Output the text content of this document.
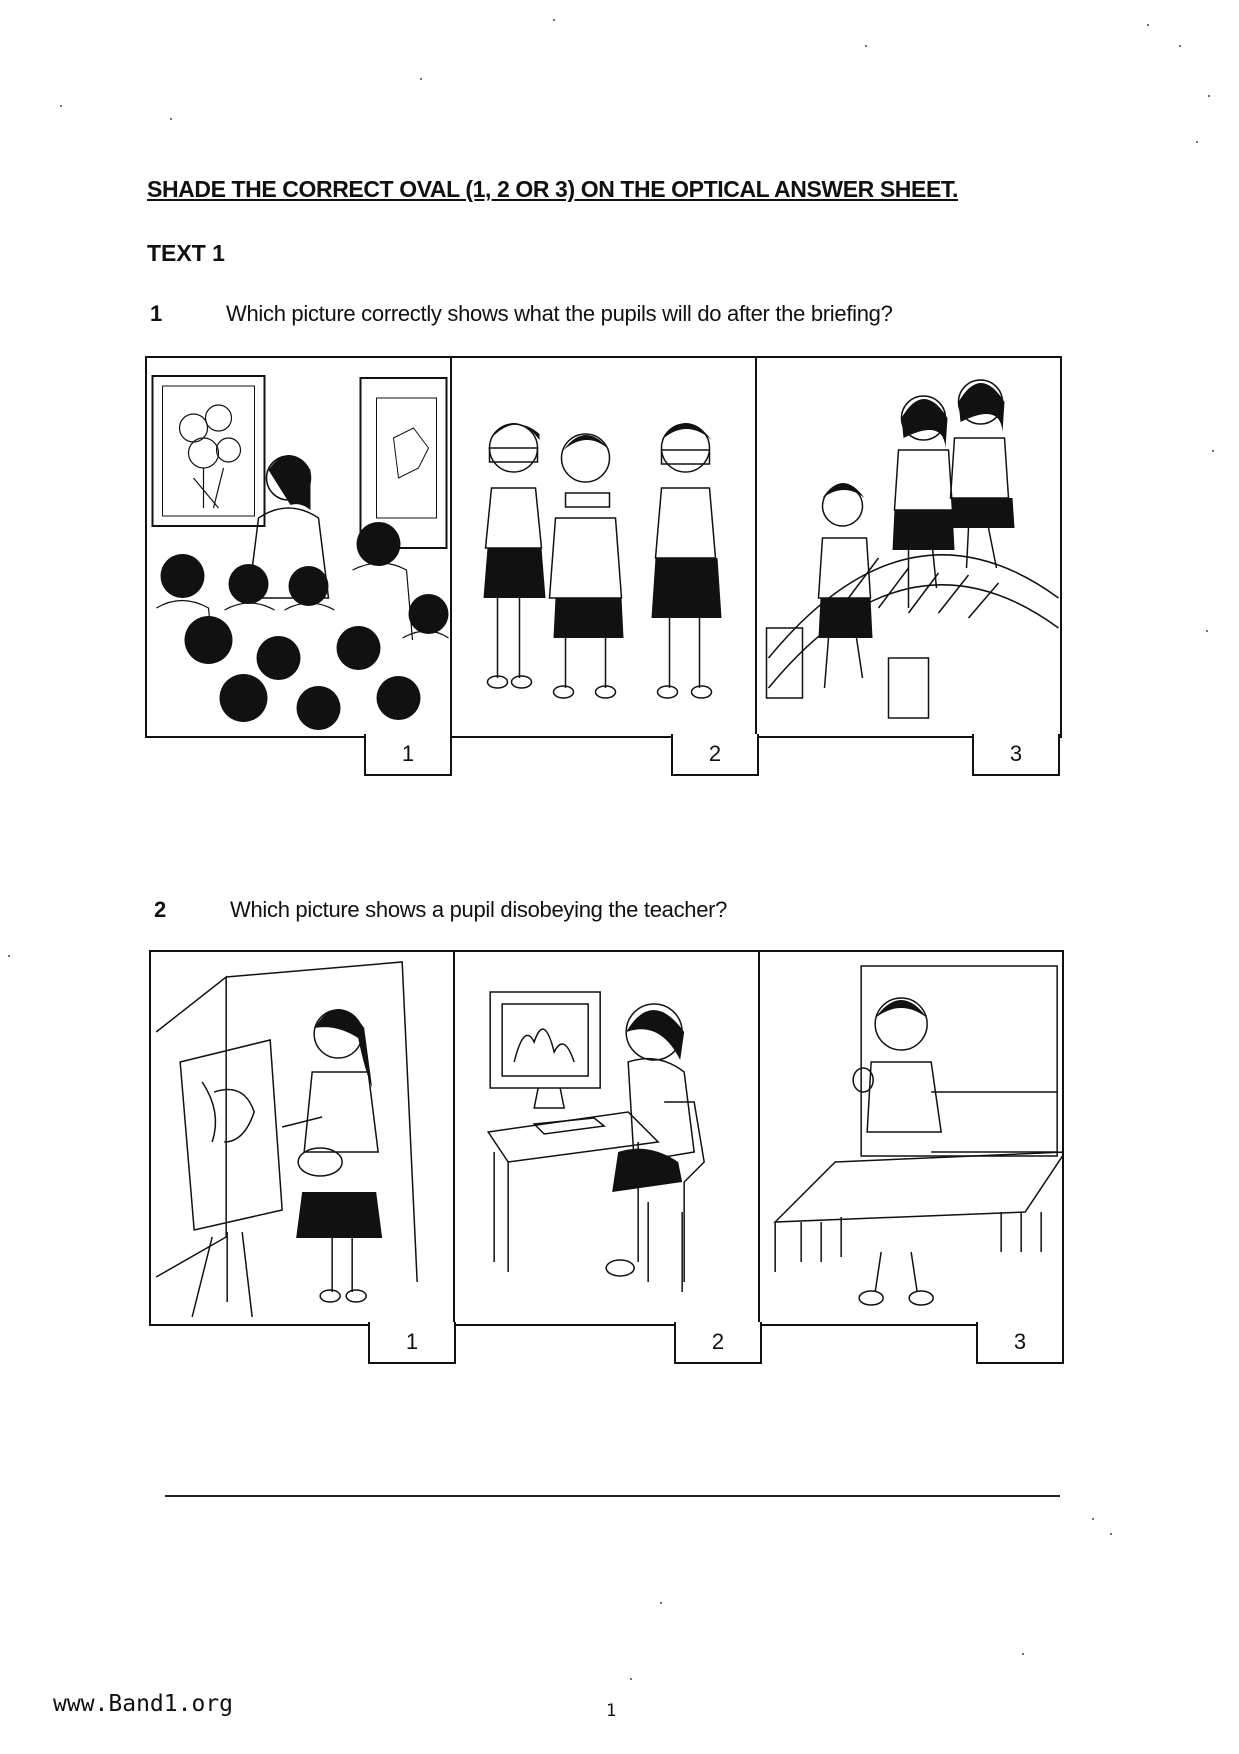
SHADE THE CORRECT OVAL (1, 2 OR 3) ON THE OPTICAL ANSWER SHEET.
TEXT 1
1	Which picture correctly shows what the pupils will do after the briefing?
1	2	3
2	Which picture shows a pupil disobeying the teacher?
1	2	3
www.Band1.org	1
